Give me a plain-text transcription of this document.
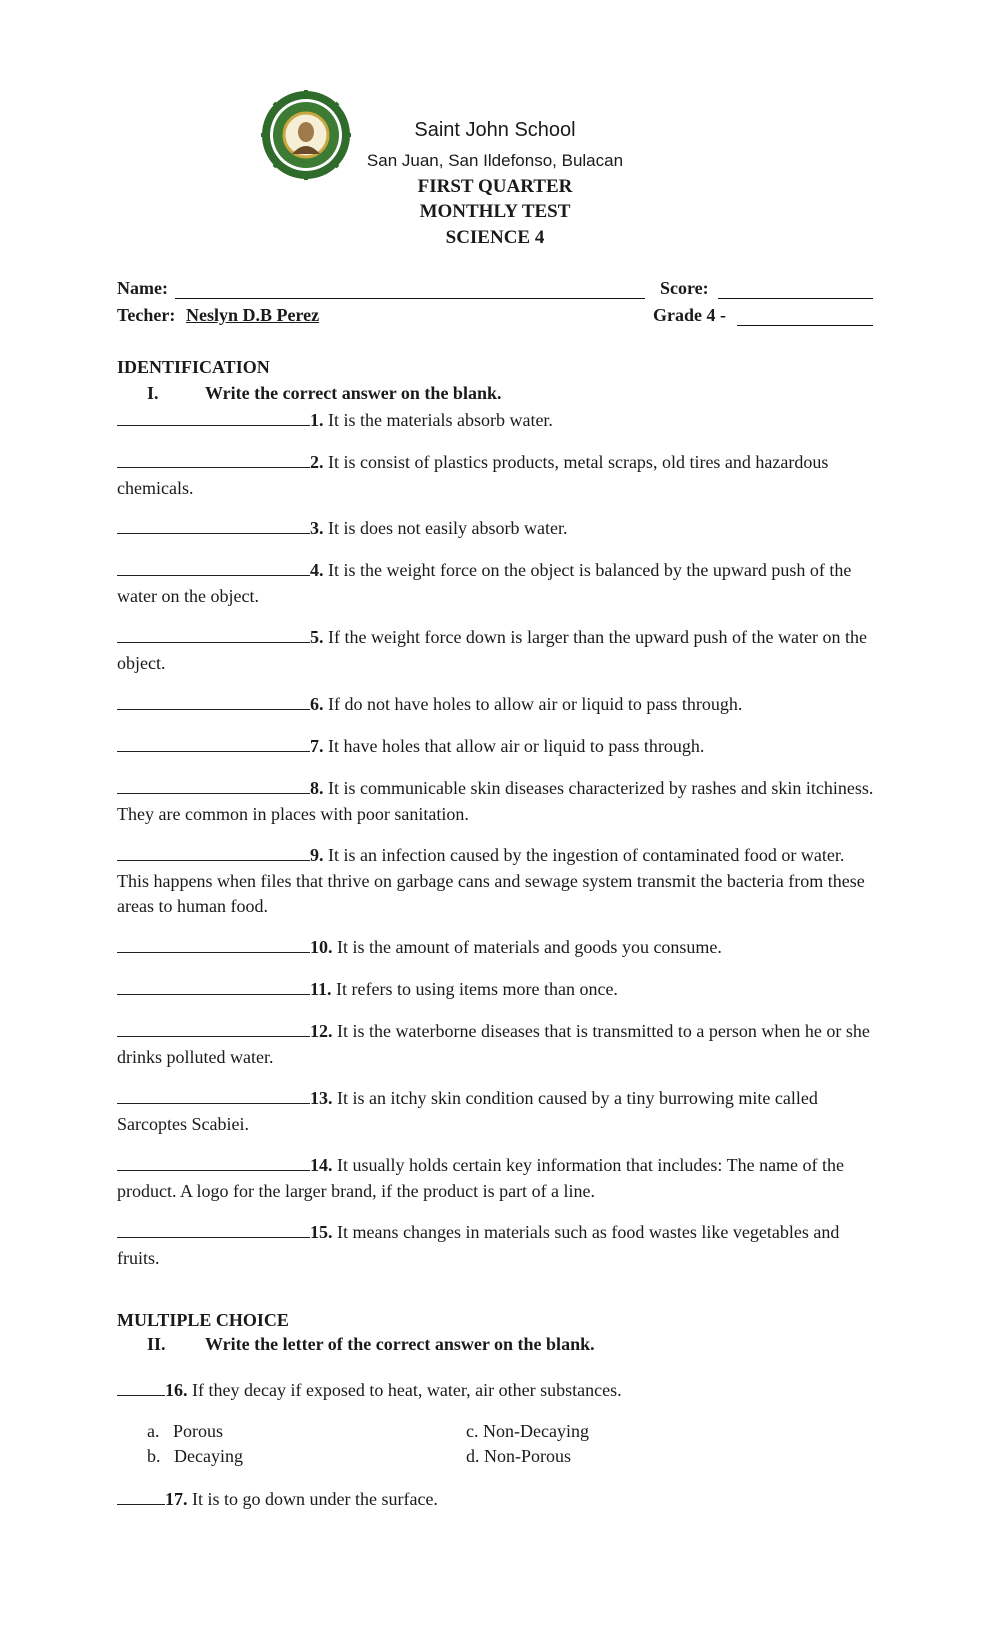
Saint John School
San Juan, San Ildefonso, Bulacan
FIRST QUARTER
MONTHLY TEST
SCIENCE 4
Name:	Score:
Techer: Neslyn D.B Perez	Grade 4 -
IDENTIFICATION
I.	Write the correct answer on the blank.
1. It is the materials absorb water.
2. It is consist of plastics products, metal scraps, old tires and hazardous chemicals.
3. It is does not easily absorb water.
4. It is the weight force on the object is balanced by the upward push of the water on the object.
5. If the weight force down is larger than the upward push of the water on the object.
6. If do not have holes to allow air or liquid to pass through.
7. It have holes that allow air or liquid to pass through.
8. It is communicable skin diseases characterized by rashes and skin itchiness. They are common in places with poor sanitation.
9. It is an infection caused by the ingestion of contaminated food or water. This happens when files that thrive on garbage cans and sewage system transmit the bacteria from these areas to human food.
10. It is the amount of materials and goods you consume.
11. It refers to using items more than once.
12. It is the waterborne diseases that is transmitted to a person when he or she drinks polluted water.
13. It is an itchy skin condition caused by a tiny burrowing mite called Sarcoptes Scabiei.
14. It usually holds certain key information that includes: The name of the product. A logo for the larger brand, if the product is part of a line.
15. It means changes in materials such as food wastes like vegetables and fruits.
MULTIPLE CHOICE
II. Write the letter of the correct answer on the blank.
16. If they decay if exposed to heat, water, air other substances.
a. Porous
b. Decaying
c. Non-Decaying
d. Non-Porous
17. It is to go down under the surface.
